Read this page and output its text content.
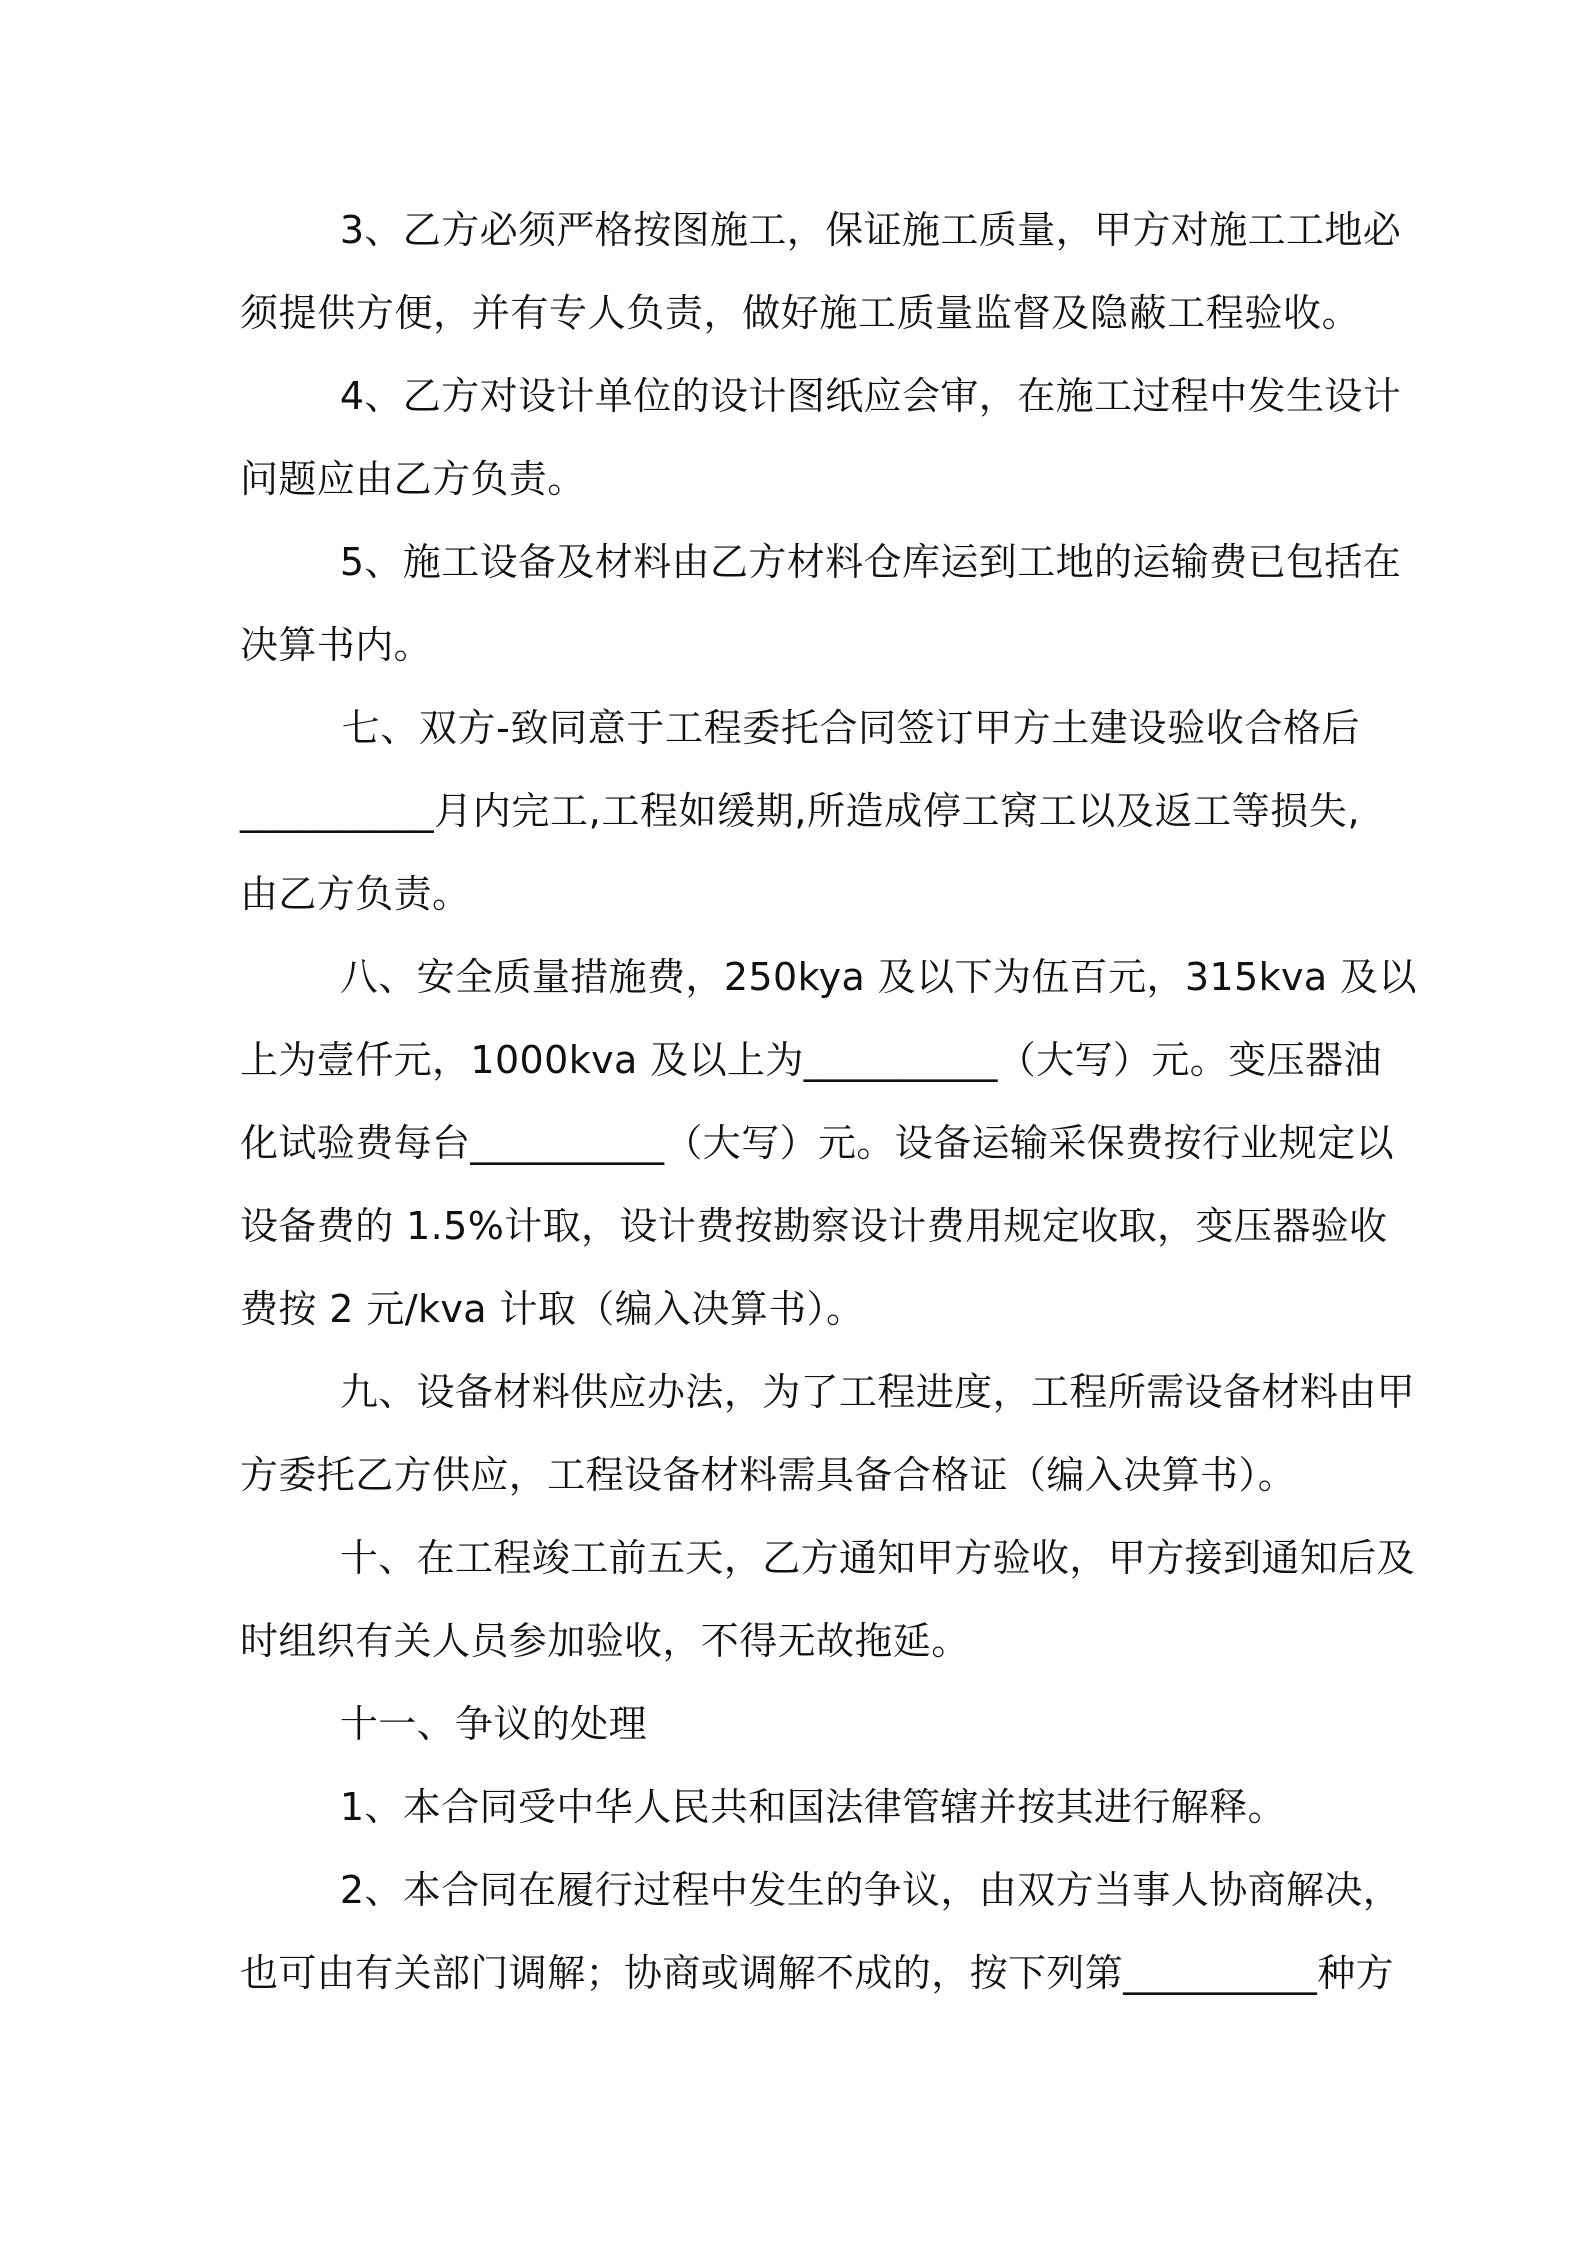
3、乙方必须严格按图施工，保证施工质量，甲方对施工工地必
须提供方便，并有专人负责，做好施工质量监督及隐蔽工程验收。
4、乙方对设计单位的设计图纸应会审，在施工过程中发生设计
问题应由乙方负责。
5、施工设备及材料由乙方材料仓库运到工地的运输费已包括在
决算书内。
七、双方-致同意于工程委托合同签订甲方土建设验收合格后
__________月内完工,工程如缓期,所造成停工窝工以及返工等损失,
由乙方负责。
八、安全质量措施费，250kya 及以下为伍百元，315kva 及以
上为壹仟元，1000kva 及以上为__________（大写）元。变压器油
化试验费每台__________（大写）元。设备运输采保费按行业规定以
设备费的 1.5%计取，设计费按勘察设计费用规定收取，变压器验收
费按 2 元/kva 计取（编入决算书）。
九、设备材料供应办法，为了工程进度，工程所需设备材料由甲
方委托乙方供应，工程设备材料需具备合格证（编入决算书）。
十、在工程竣工前五天，乙方通知甲方验收，甲方接到通知后及
时组织有关人员参加验收，不得无故拖延。
十一、争议的处理
1、本合同受中华人民共和国法律管辖并按其进行解释。
2、本合同在履行过程中发生的争议，由双方当事人协商解决，
也可由有关部门调解；协商或调解不成的，按下列第__________种方
